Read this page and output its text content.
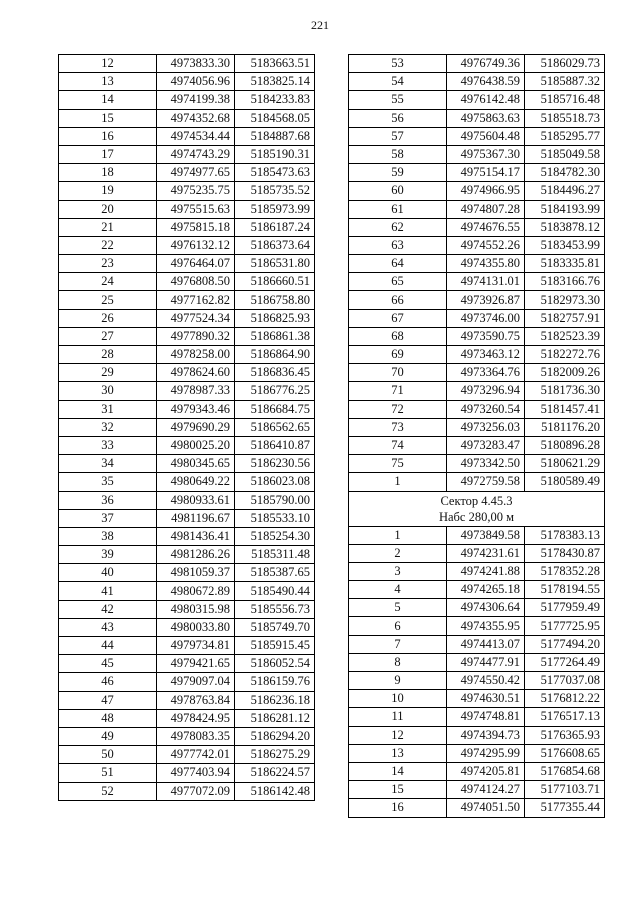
221
12	4973833.30	5183663.51
13	4974056.96	5183825.14
14	4974199.38	5184233.83
15	4974352.68	5184568.05
16	4974534.44	5184887.68
17	4974743.29	5185190.31
18	4974977.65	5185473.63
19	4975235.75	5185735.52
20	4975515.63	5185973.99
21	4975815.18	5186187.24
22	4976132.12	5186373.64
23	4976464.07	5186531.80
24	4976808.50	5186660.51
25	4977162.82	5186758.80
26	4977524.34	5186825.93
27	4977890.32	5186861.38
28	4978258.00	5186864.90
29	4978624.60	5186836.45
30	4978987.33	5186776.25
31	4979343.46	5186684.75
32	4979690.29	5186562.65
33	4980025.20	5186410.87
34	4980345.65	5186230.56
35	4980649.22	5186023.08
36	4980933.61	5185790.00
37	4981196.67	5185533.10
38	4981436.41	5185254.30
39	4981286.26	5185311.48
40	4981059.37	5185387.65
41	4980672.89	5185490.44
42	4980315.98	5185556.73
43	4980033.80	5185749.70
44	4979734.81	5185915.45
45	4979421.65	5186052.54
46	4979097.04	5186159.76
47	4978763.84	5186236.18
48	4978424.95	5186281.12
49	4978083.35	5186294.20
50	4977742.01	5186275.29
51	4977403.94	5186224.57
52	4977072.09	5186142.48
53	4976749.36	5186029.73
54	4976438.59	5185887.32
55	4976142.48	5185716.48
56	4975863.63	5185518.73
57	4975604.48	5185295.77
58	4975367.30	5185049.58
59	4975154.17	5184782.30
60	4974966.95	5184496.27
61	4974807.28	5184193.99
62	4974676.55	5183878.12
63	4974552.26	5183453.99
64	4974355.80	5183335.81
65	4974131.01	5183166.76
66	4973926.87	5182973.30
67	4973746.00	5182757.91
68	4973590.75	5182523.39
69	4973463.12	5182272.76
70	4973364.76	5182009.26
71	4973296.94	5181736.30
72	4973260.54	5181457.41
73	4973256.03	5181176.20
74	4973283.47	5180896.28
75	4973342.50	5180621.29
1	4972759.58	5180589.49
Сектор 4.45.3
Набс 280,00 м		
1	4973849.58	5178383.13
2	4974231.61	5178430.87
3	4974241.88	5178352.28
4	4974265.18	5178194.55
5	4974306.64	5177959.49
6	4974355.95	5177725.95
7	4974413.07	5177494.20
8	4974477.91	5177264.49
9	4974550.42	5177037.08
10	4974630.51	5176812.22
11	4974748.81	5176517.13
12	4974394.73	5176365.93
13	4974295.99	5176608.65
14	4974205.81	5176854.68
15	4974124.27	5177103.71
16	4974051.50	5177355.44
